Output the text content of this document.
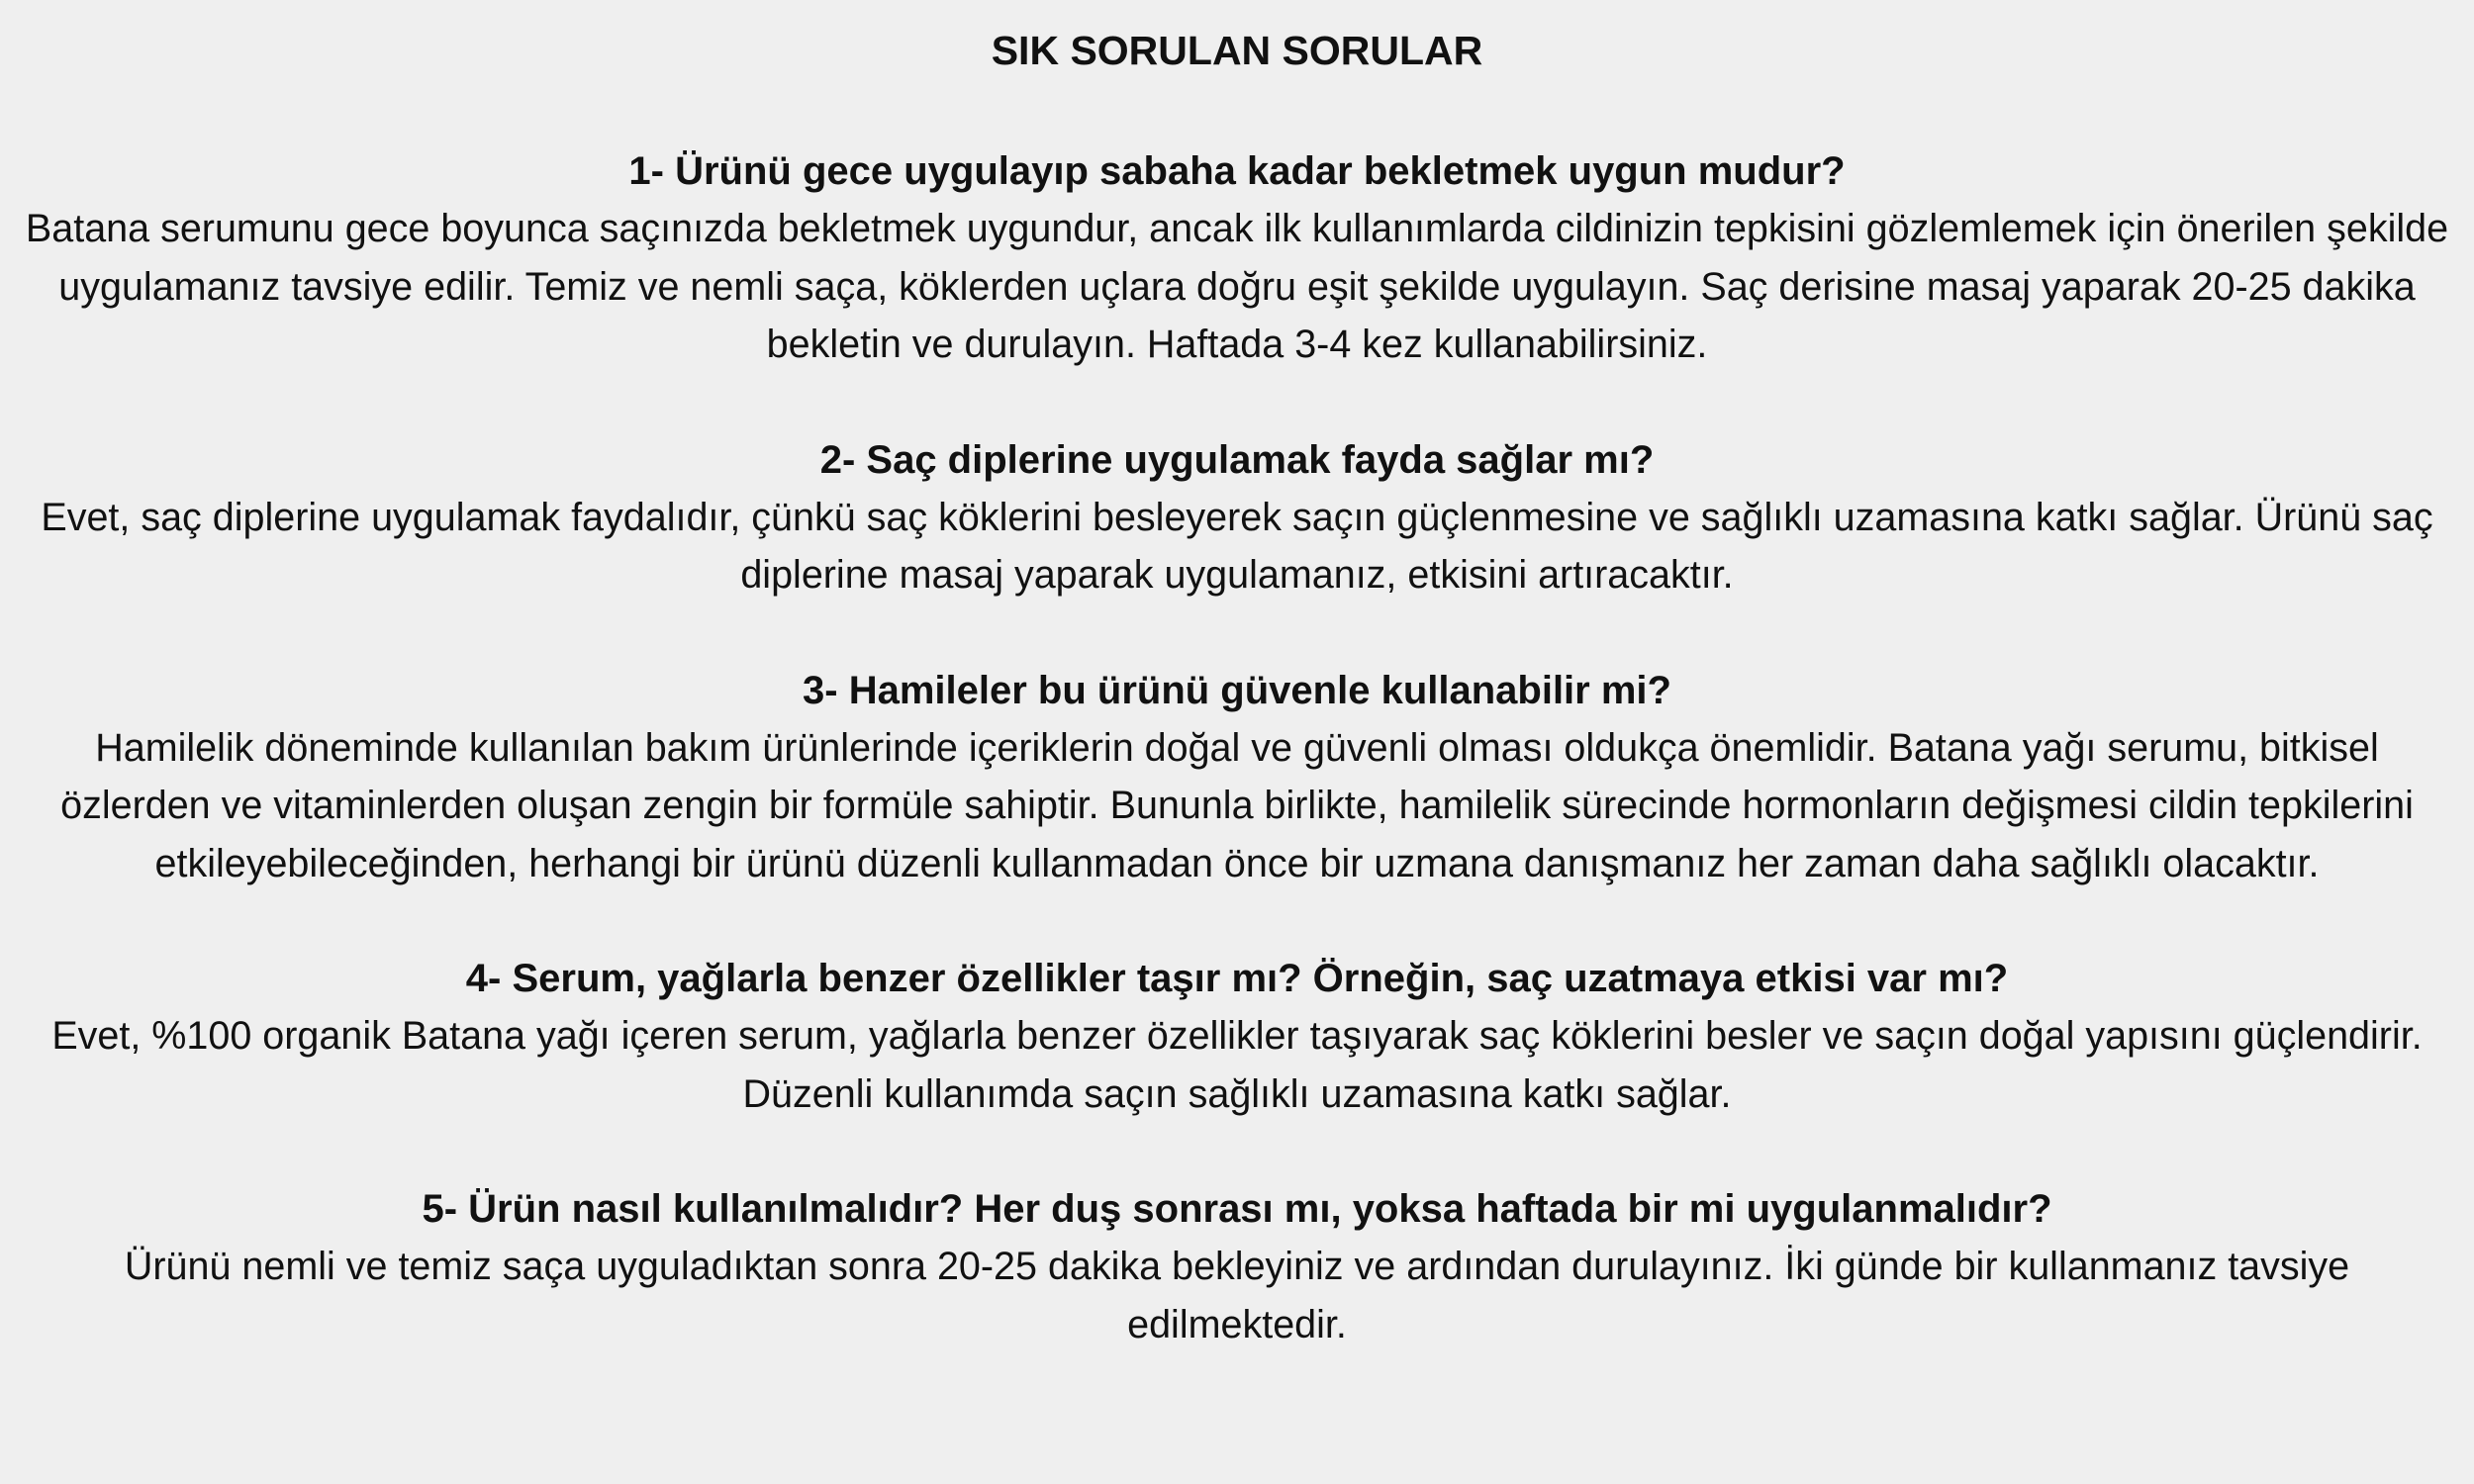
SIK SORULAN SORULAR
1- Ürünü gece uygulayıp sabaha kadar bekletmek uygun mudur?

Batana serumunu gece boyunca saçınızda bekletmek uygundur, ancak ilk kullanımlarda cildinizin tepkisini gözlemlemek için önerilen şekilde uygulamanız tavsiye edilir. Temiz ve nemli saça, köklerden uçlara doğru eşit şekilde uygulayın. Saç derisine masaj yaparak 20-25 dakika bekletin ve durulayın. Haftada 3-4 kez kullanabilirsiniz.

2- Saç diplerine uygulamak fayda sağlar mı?

Evet, saç diplerine uygulamak faydalıdır, çünkü saç köklerini besleyerek saçın güçlenmesine ve sağlıklı uzamasına katkı sağlar. Ürünü saç diplerine masaj yaparak uygulamanız, etkisini artıracaktır.

3- Hamileler bu ürünü güvenle kullanabilir mi?

Hamilelik döneminde kullanılan bakım ürünlerinde içeriklerin doğal ve güvenli olması oldukça önemlidir. Batana yağı serumu, bitkisel özlerden ve vitaminlerden oluşan zengin bir formüle sahiptir. Bununla birlikte, hamilelik sürecinde hormonların değişmesi cildin tepkilerini etkileyebileceğinden, herhangi bir ürünü düzenli kullanmadan önce bir uzmana danışmanız her zaman daha sağlıklı olacaktır.

4- Serum, yağlarla benzer özellikler taşır mı? Örneğin, saç uzatmaya etkisi var mı?

Evet, %100 organik Batana yağı içeren serum, yağlarla benzer özellikler taşıyarak saç köklerini besler ve saçın doğal yapısını güçlendirir. Düzenli kullanımda saçın sağlıklı uzamasına katkı sağlar.

5- Ürün nasıl kullanılmalıdır? Her duş sonrası mı, yoksa haftada bir mi uygulanmalıdır?

Ürünü nemli ve temiz saça uyguladıktan sonra 20-25 dakika bekleyiniz ve ardından durulayınız. İki günde bir kullanmanız tavsiye edilmektedir.
